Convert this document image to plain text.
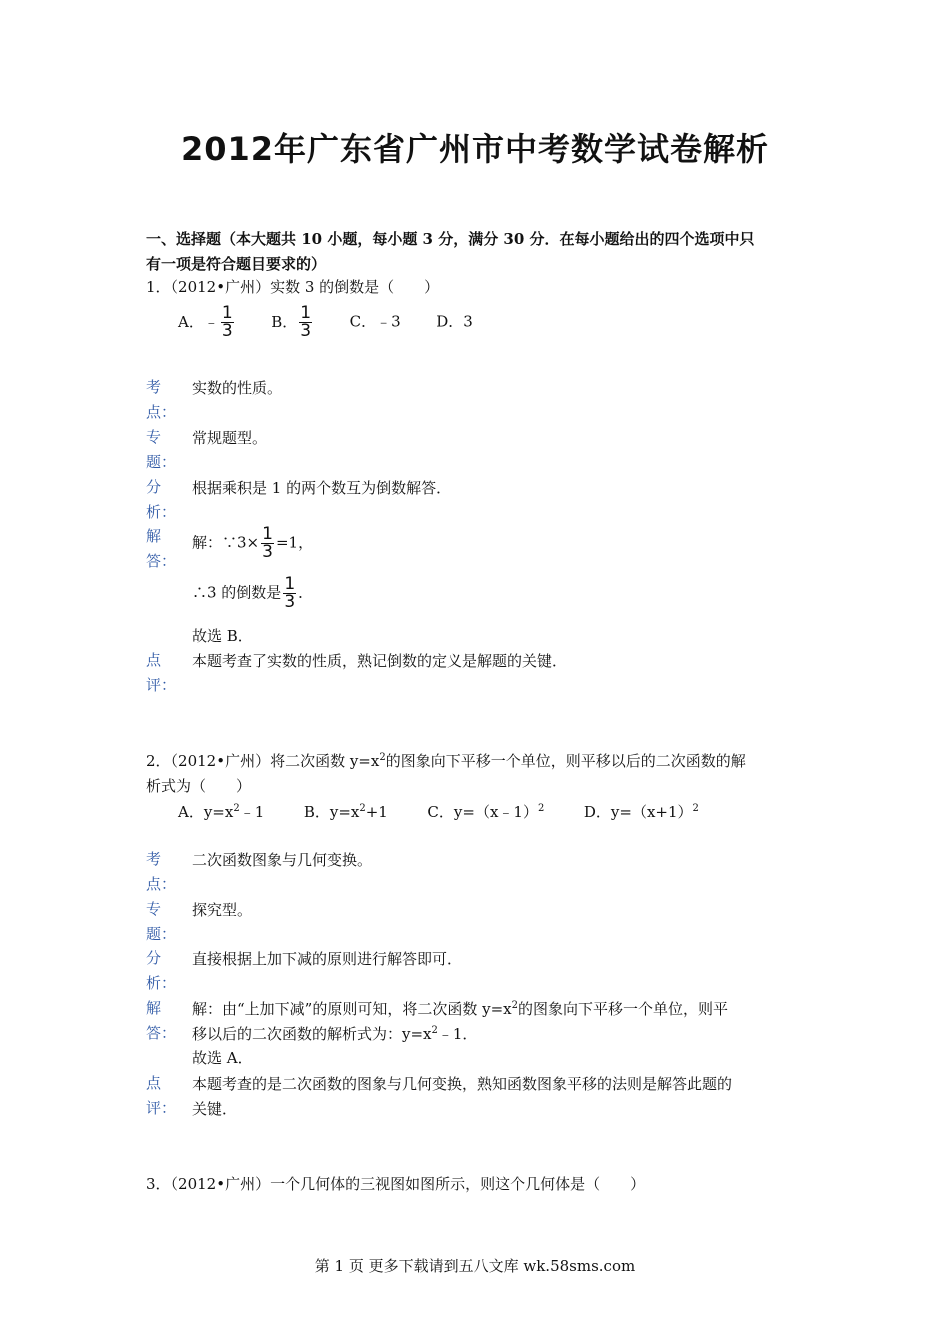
2012年广东省广州市中考数学试卷解析
一、选择题（本大题共 10 小题，每小题 3 分，满分 30 分．在每小题给出的四个选项中只
有一项是符合题目要求的）
1．（2012•广州）实数 3 的倒数是（　　）
A．﹣ $\frac{1}{3}$	B． $\frac{1}{3}$	C．﹣3 D．3
考
点：
实数的性质。
专
题：
常规题型。
分
析：
根据乘积是 1 的两个数互为倒数解答．
解
答：
解：∵3× $\frac{1}{3} =1$，
∴3 的倒数是 $\frac{1}{3}$ ．
故选 B．
点
评：
本题考查了实数的性质，熟记倒数的定义是解题的关键．
2．（2012•广州）将二次函数 $y=x^2$的图象向下平移一个单位，则平移以后的二次函数的解
析式为（　　）
A．$y=x^2﹣1$	B．$y=x^2+1$	C．y=（x﹣1）$^2$	D．$y=(x+1)^2$
考
点：
二次函数图象与几何变换。
专
题：
探究型。
分
析：
直接根据上加下减的原则进行解答即可．
解
答：
解：由“上加下减”的原则可知，将二次函数 $y=x^2$的图象向下平移一个单位，则平
移以后的二次函数的解析式为：$y=x^2﹣1$．
故选 A．
点
评：
本题考查的是二次函数的图象与几何变换，熟知函数图象平移的法则是解答此题的
关键．
3．（2012•广州）一个几何体的三视图如图所示，则这个几何体是（　　）
第 1 页 更多下载请到五八文库 wk.58sms.com
